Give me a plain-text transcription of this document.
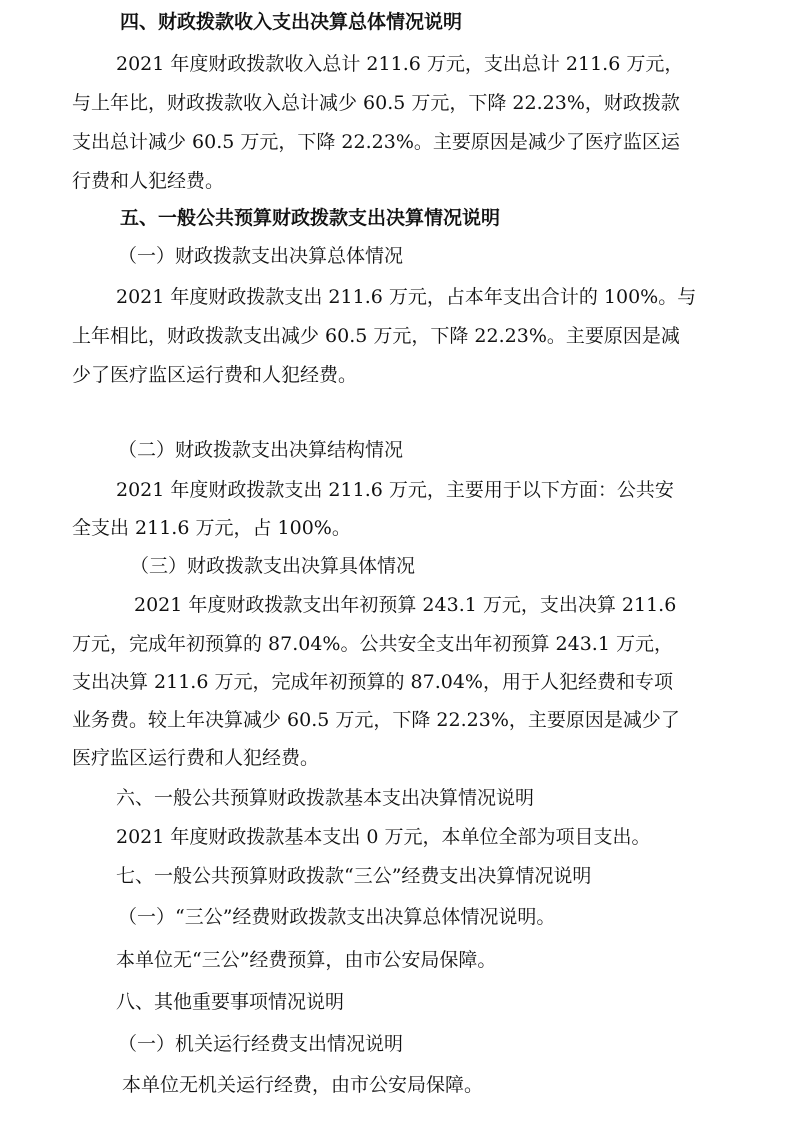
四、财政拨款收入支出决算总体情况说明
2021 年度财政拨款收入总计 211.6 万元，支出总计 211.6 万元，
与上年比，财政拨款收入总计减少 60.5 万元，下降 22.23%，财政拨款
支出总计减少 60.5 万元，下降 22.23%。主要原因是减少了医疗监区运
行费和人犯经费。
五、一般公共预算财政拨款支出决算情况说明
（一）财政拨款支出决算总体情况
2021 年度财政拨款支出 211.6 万元，占本年支出合计的 100%。与
上年相比，财政拨款支出减少 60.5 万元，下降 22.23%。主要原因是减
少了医疗监区运行费和人犯经费。
（二）财政拨款支出决算结构情况
2021 年度财政拨款支出 211.6 万元，主要用于以下方面：公共安
全支出 211.6 万元，占 100%。
（三）财政拨款支出决算具体情况
2021 年度财政拨款支出年初预算 243.1 万元，支出决算 211.6
万元，完成年初预算的 87.04%。公共安全支出年初预算 243.1 万元，
支出决算 211.6 万元，完成年初预算的 87.04%，用于人犯经费和专项
业务费。较上年决算减少 60.5 万元，下降 22.23%，主要原因是减少了
医疗监区运行费和人犯经费。
六、一般公共预算财政拨款基本支出决算情况说明
2021 年度财政拨款基本支出 0 万元，本单位全部为项目支出。
七、一般公共预算财政拨款“三公”经费支出决算情况说明
（一）“三公”经费财政拨款支出决算总体情况说明。
本单位无“三公”经费预算，由市公安局保障。
八、其他重要事项情况说明
（一）机关运行经费支出情况说明
本单位无机关运行经费，由市公安局保障。
